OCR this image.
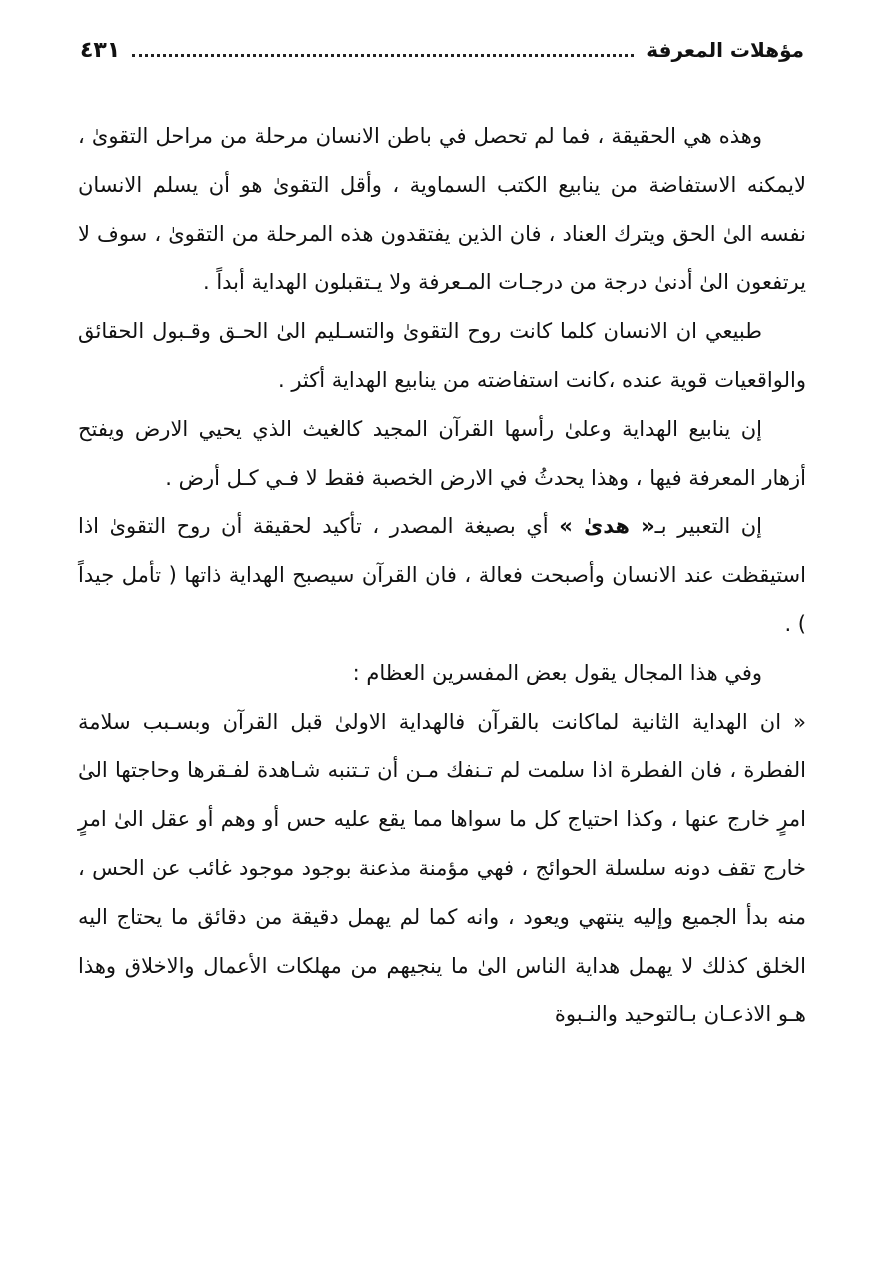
مؤهلات المعرفة
٤٣١

وهذه هي الحقيقة ، فما لم تحصل في باطن الانسان مرحلة من مراحل التقوىٰ ، لايمكنه الاستفاضة من ينابيع الكتب السماوية ، وأقل التقوىٰ هو أن يسلم الانسان نفسه الىٰ الحق ويترك العناد ، فان الذين يفتقدون هذه المرحلة من التقوىٰ ، سوف لا يرتفعون الىٰ أدنىٰ درجة من درجـات المـعرفة ولا يـتقبلون الهداية أبداً .

طبيعي ان الانسان كلما كانت روح التقوىٰ والتسـليم الىٰ الحـق وقـبول الحقائق والواقعيات قوية عنده ،كانت استفاضته من ينابيع الهداية أكثر .

إن ينابيع الهداية وعلىٰ رأسها القرآن المجيد كالغيث الذي يحيي الارض ويفتح أزهار المعرفة فيها ، وهذا يحدثُ في الارض الخصبة فقط لا فـي كـل أرض .

إن التعبير بـ« هدىٰ » أي بصيغة المصدر ، تأكيد لحقيقة أن روح التقوىٰ اذا استيقظت عند الانسان وأصبحت فعالة ، فان القرآن سيصبح الهداية ذاتها ( تأمل جيداً ) .

وفي هذا المجال يقول بعض المفسرين العظام :

« ان الهداية الثانية لماكانت بالقرآن فالهداية الاولىٰ قبل القرآن وبسـبب سلامة الفطرة ، فان الفطرة اذا سلمت لم تـنفك مـن أن تـتنبه شـاهدة لفـقرها وحاجتها الىٰ امرٍ خارج عنها ، وكذا احتياج كل ما سواها مما يقع عليه حس أو وهم أو عقل الىٰ امرٍ خارج تقف دونه سلسلة الحوائج ، فهي مؤمنة مذعنة بوجود موجود غائب عن الحس ، منه بدأ الجميع وإليه ينتهي ويعود ، وانه كما لم يهمل دقيقة من دقائق ما يحتاج اليه الخلق كذلك لا يهمل هداية الناس الىٰ ما ينجيهم من مهلكات الأعمال والاخلاق وهذا هـو الاذعـان بـالتوحيد والنـبوة
